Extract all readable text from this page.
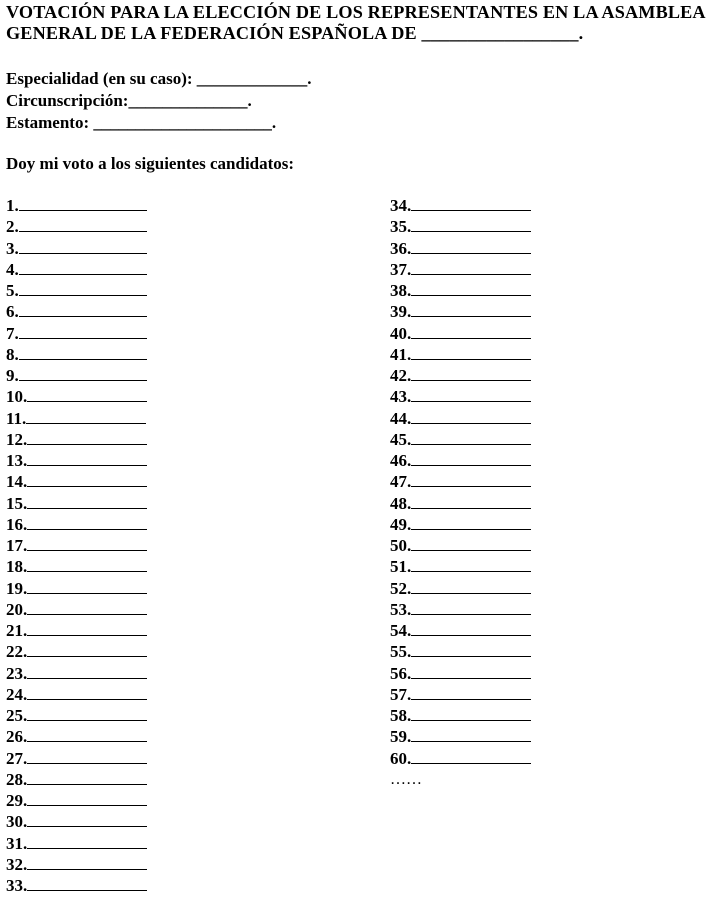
VOTACIÓN PARA LA ELECCIÓN DE LOS REPRESENTANTES EN LA ASAMBLEA
GENERAL DE LA FEDERACIÓN ESPAÑOLA DE _________________.
Especialidad (en su caso): _____________.
Circunscripción:______________.
Estamento: _____________________.
Doy mi voto a los siguientes candidatos:
1.
2.
3.
4.
5.
6.
7.
8.
9.
10.
11.
12.
13.
14.
15.
16.
17.
18.
19.
20.
21.
22.
23.
24.
25.
26.
27.
28.
29.
30.
31.
32.
33.
34.
35.
36.
37.
38.
39.
40.
41.
42.
43.
44.
45.
46.
47.
48.
49.
50.
51.
52.
53.
54.
55.
56.
57.
58.
59.
60.
……
